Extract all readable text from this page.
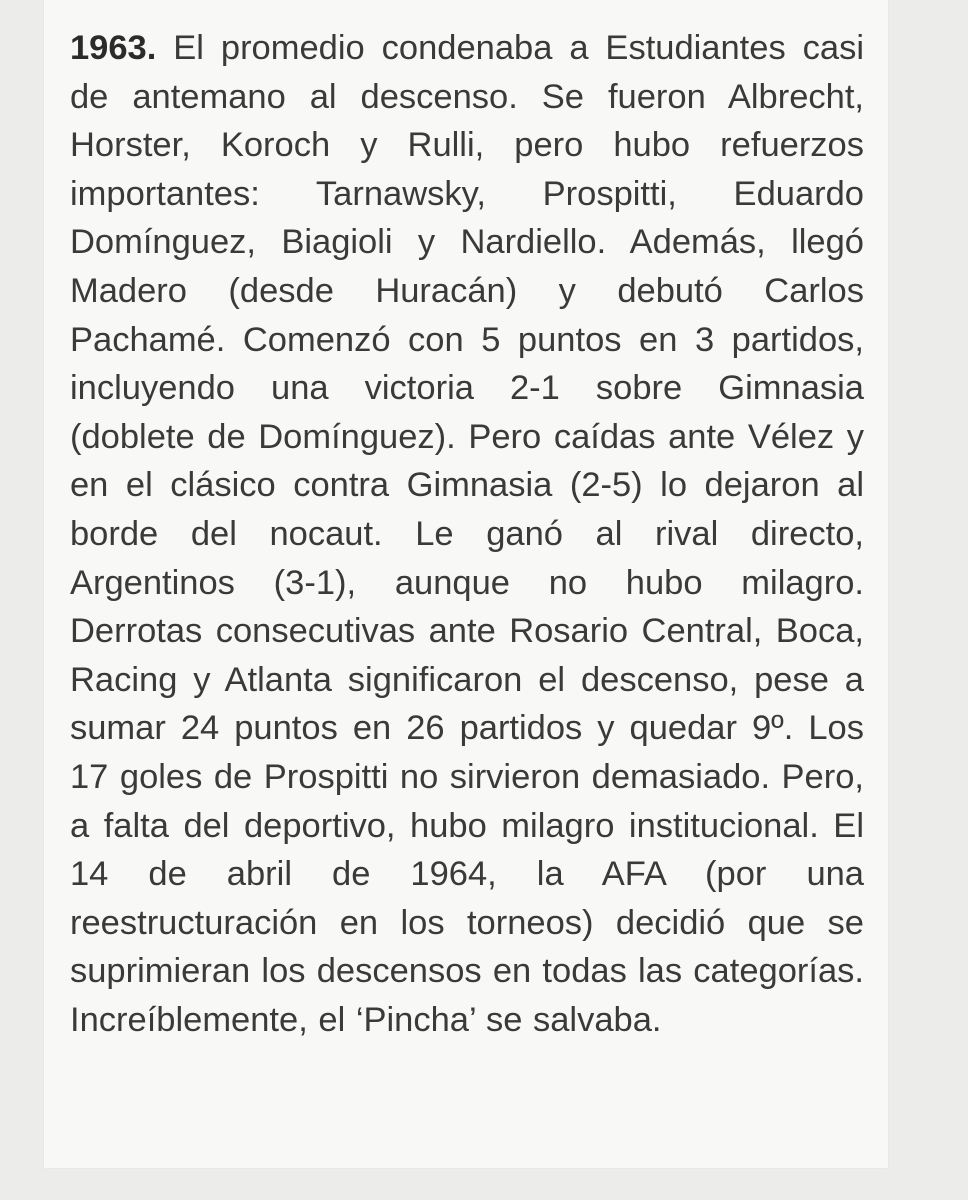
1963. El promedio condenaba a Estudiantes casi de antemano al descenso. Se fueron Albrecht, Horster, Koroch y Rulli, pero hubo refuerzos importantes: Tarnawsky, Prospitti, Eduardo Domínguez, Biagioli y Nardiello. Además, llegó Madero (desde Huracán) y debutó Carlos Pachamé. Comenzó con 5 puntos en 3 partidos, incluyendo una victoria 2-1 sobre Gimnasia (doblete de Domínguez). Pero caídas ante Vélez y en el clásico contra Gimnasia (2-5) lo dejaron al borde del nocaut. Le ganó al rival directo, Argentinos (3-1), aunque no hubo milagro. Derrotas consecutivas ante Rosario Central, Boca, Racing y Atlanta significaron el descenso, pese a sumar 24 puntos en 26 partidos y quedar 9º. Los 17 goles de Prospitti no sirvieron demasiado. Pero, a falta del deportivo, hubo milagro institucional. El 14 de abril de 1964, la AFA (por una reestructuración en los torneos) decidió que se suprimieran los descensos en todas las categorías. Increíblemente, el ‘Pincha’ se salvaba.
